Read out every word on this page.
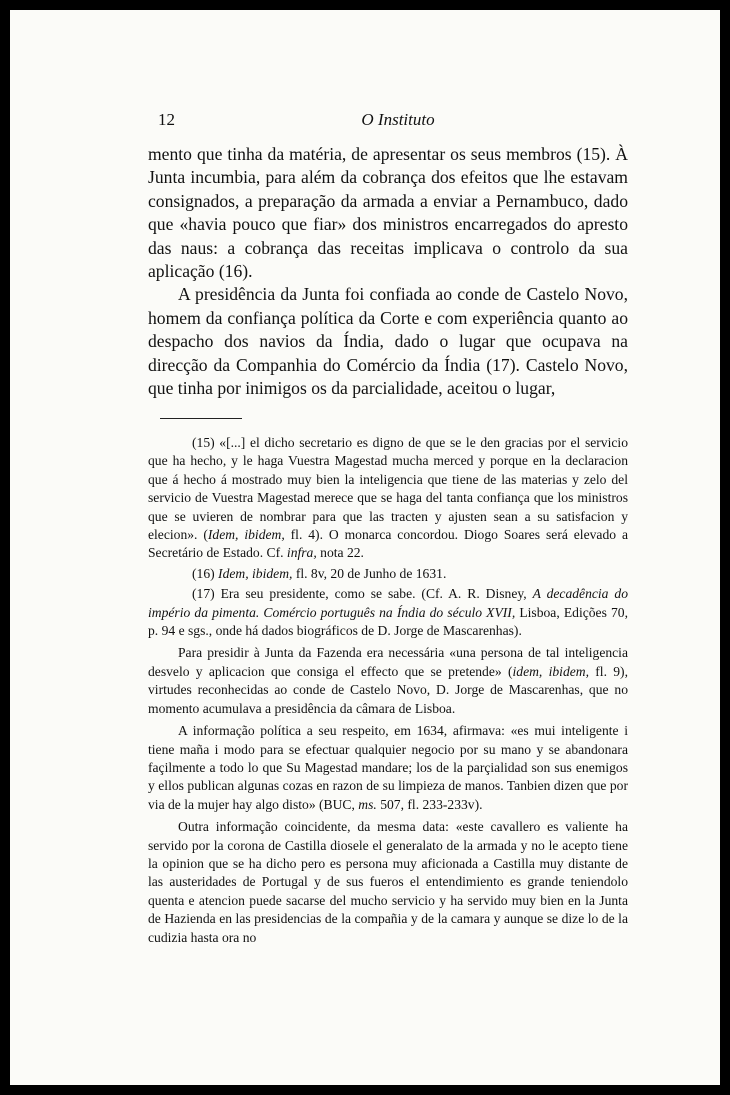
12	O Instituto

mento que tinha da matéria, de apresentar os seus membros (15). À Junta incumbia, para além da cobrança dos efeitos que lhe estavam consignados, a preparação da armada a enviar a Pernambuco, dado que «havia pouco que fiar» dos ministros encarregados do apresto das naus: a cobrança das receitas implicava o controlo da sua aplicação (16).

A presidência da Junta foi confiada ao conde de Castelo Novo, homem da confiança política da Corte e com experiência quanto ao despacho dos navios da Índia, dado o lugar que ocupava na direcção da Companhia do Comércio da Índia (17). Castelo Novo, que tinha por inimigos os da parcialidade, aceitou o lugar,

(15) «[...] el dicho secretario es digno de que se le den gracias por el servicio que ha hecho, y le haga Vuestra Magestad mucha merced y porque en la declaracion que á hecho á mostrado muy bien la inteligencia que tiene de las materias y zelo del servicio de Vuestra Magestad merece que se haga del tanta confiança que los ministros que se uvieren de nombrar para que las tracten y ajusten sean a su satisfacion y elecion». (Idem, ibidem, fl. 4). O monarca concordou. Diogo Soares será elevado a Secretário de Estado. Cf. infra, nota 22.

(16) Idem, ibidem, fl. 8v, 20 de Junho de 1631.

(17) Era seu presidente, como se sabe. (Cf. A. R. Disney, A decadência do império da pimenta. Comércio português na Índia do século XVII, Lisboa, Edições 70, p. 94 e sgs., onde há dados biográficos de D. Jorge de Mascarenhas).

Para presidir à Junta da Fazenda era necessária «una persona de tal inteligencia desvelo y aplicacion que consiga el effecto que se pretende» (idem, ibidem, fl. 9), virtudes reconhecidas ao conde de Castelo Novo, D. Jorge de Mascarenhas, que no momento acumulava a presidência da câmara de Lisboa.

A informação política a seu respeito, em 1634, afirmava: «es mui inteligente i tiene maña i modo para se efectuar qualquier negocio por su mano y se abandonara façilmente a todo lo que Su Magestad mandare; los de la parçialidad son sus enemigos y ellos publican algunas cozas en razon de su limpieza de manos. Tanbien dizen que por via de la mujer hay algo disto» (BUC, ms. 507, fl. 233-233v).

Outra informação coincidente, da mesma data: «este cavallero es valiente ha servido por la corona de Castilla diosele el generalato de la armada y no le acepto tiene la opinion que se ha dicho pero es persona muy aficionada a Castilla muy distante de las austeridades de Portugal y de sus fueros el entendimiento es grande teniendolo quenta e atencion puede sacarse del mucho servicio y ha servido muy bien en la Junta de Hazienda en las presidencias de la compañia y de la camara y aunque se dize lo de la cudizia hasta ora no
